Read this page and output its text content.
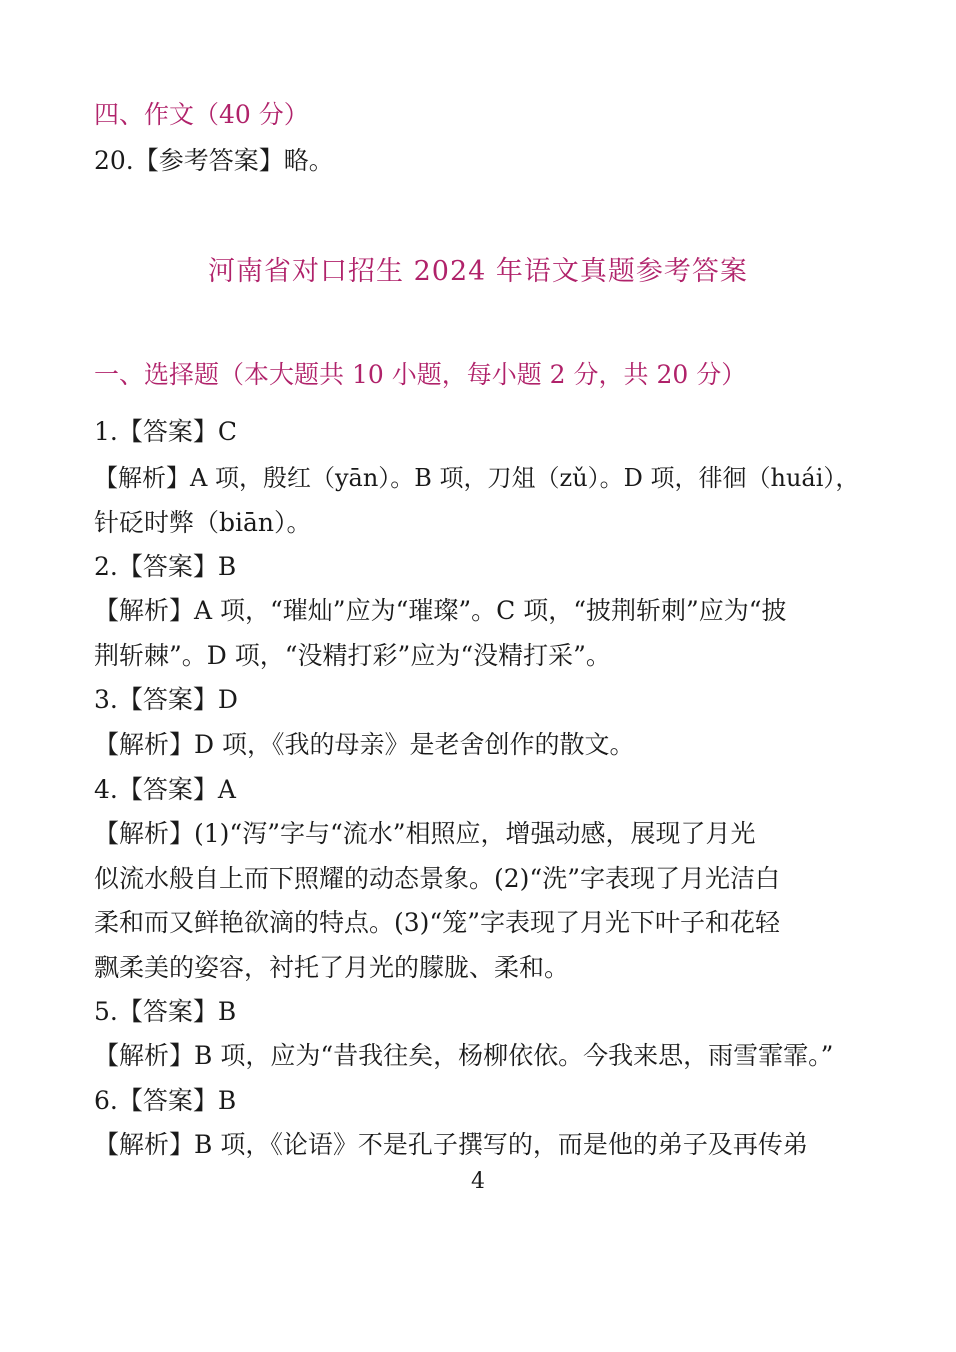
四、作文（40 分）
20.【参考答案】略。
河南省对口招生 2024 年语文真题参考答案
一、选择题（本大题共 10 小题，每小题 2 分，共 20 分）
1.【答案】C
【解析】A 项，殷红（yān）。B 项，刀俎（zǔ）。D 项，徘徊（huái），
针砭时弊（biān）。
2.【答案】B
【解析】A 项，“璀灿”应为“璀璨”。C 项，“披荆斩刺”应为“披
荆斩棘”。D 项，“没精打彩”应为“没精打采”。
3.【答案】D
【解析】D 项，《我的母亲》是老舍创作的散文。
4.【答案】A
【解析】(1)“泻”字与“流水”相照应，增强动感，展现了月光
似流水般自上而下照耀的动态景象。(2)“洗”字表现了月光洁白
柔和而又鲜艳欲滴的特点。(3)“笼”字表现了月光下叶子和花轻
飘柔美的姿容，衬托了月光的朦胧、柔和。
5.【答案】B
【解析】B 项，应为“昔我往矣，杨柳依依。今我来思，雨雪霏霏。”
6.【答案】B
【解析】B 项，《论语》不是孔子撰写的，而是他的弟子及再传弟
4
